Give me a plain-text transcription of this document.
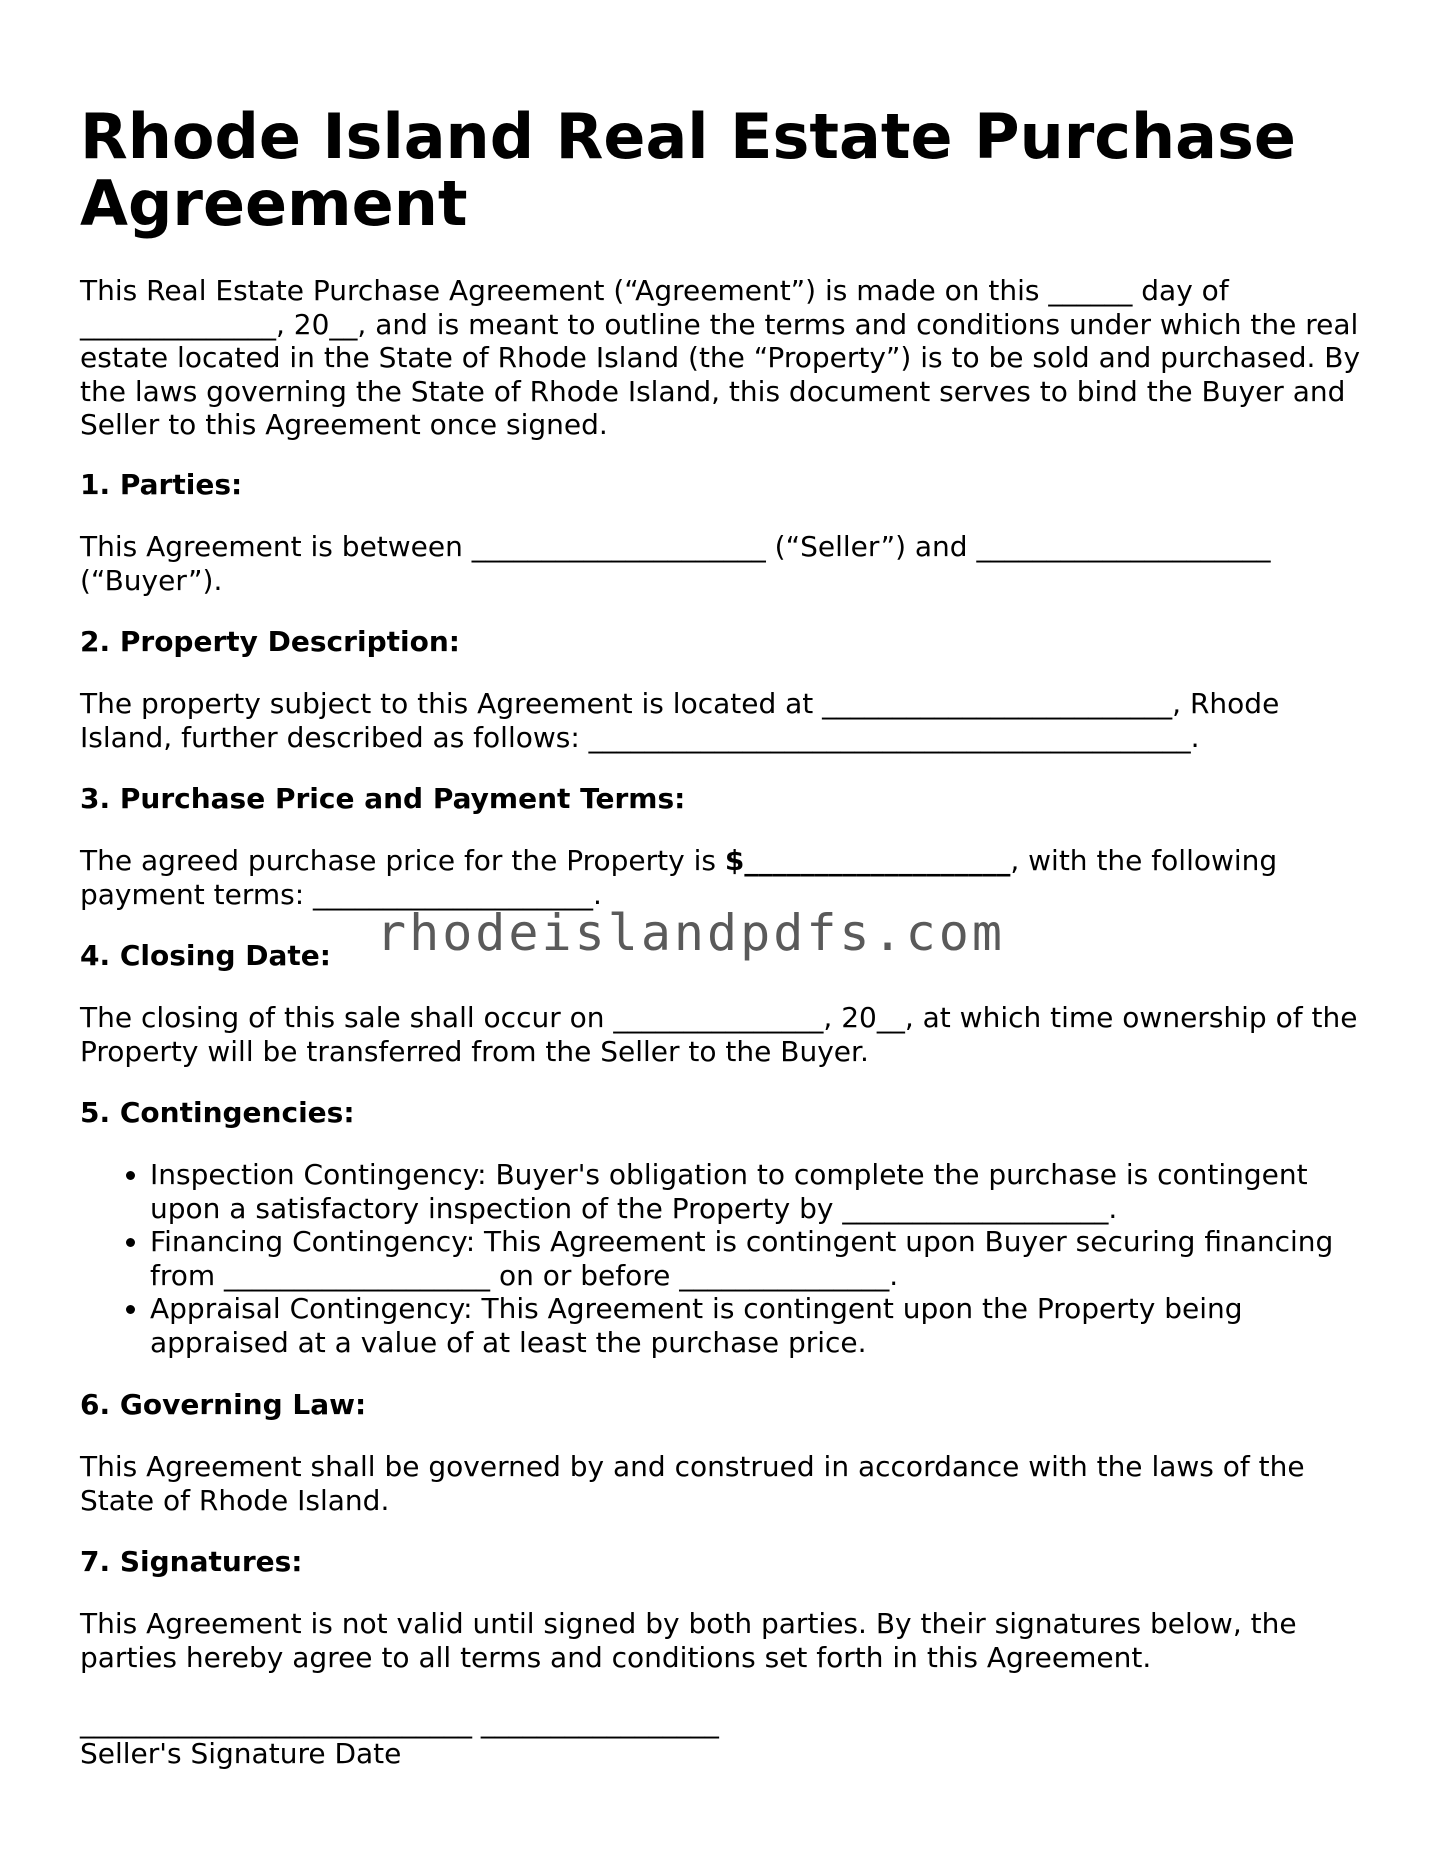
Rhode Island Real Estate Purchase Agreement

This Real Estate Purchase Agreement (“Agreement”) is made on this ______ day of ______________, 20__, and is meant to outline the terms and conditions under which the real estate located in the State of Rhode Island (the “Property”) is to be sold and purchased. By the laws governing the State of Rhode Island, this document serves to bind the Buyer and Seller to this Agreement once signed.

1. Parties:

This Agreement is between _____________________ (“Seller”) and _____________________ (“Buyer”).

2. Property Description:

The property subject to this Agreement is located at _________________________, Rhode Island, further described as follows: ___________________________________________.

3. Purchase Price and Payment Terms:

The agreed purchase price for the Property is $___________________, with the following payment terms: ____________________.

4. Closing Date:

The closing of this sale shall occur on _______________, 20__, at which time ownership of the Property will be transferred from the Seller to the Buyer.

5. Contingencies:

• Inspection Contingency: Buyer's obligation to complete the purchase is contingent upon a satisfactory inspection of the Property by ___________________.
• Financing Contingency: This Agreement is contingent upon Buyer securing financing from ___________________ on or before _______________.
• Appraisal Contingency: This Agreement is contingent upon the Property being appraised at a value of at least the purchase price.

6. Governing Law:

This Agreement shall be governed by and construed in accordance with the laws of the State of Rhode Island.

7. Signatures:

This Agreement is not valid until signed by both parties. By their signatures below, the parties hereby agree to all terms and conditions set forth in this Agreement.

____________________________ _________________
Seller's Signature Date
rhodeislandpdfs.com
